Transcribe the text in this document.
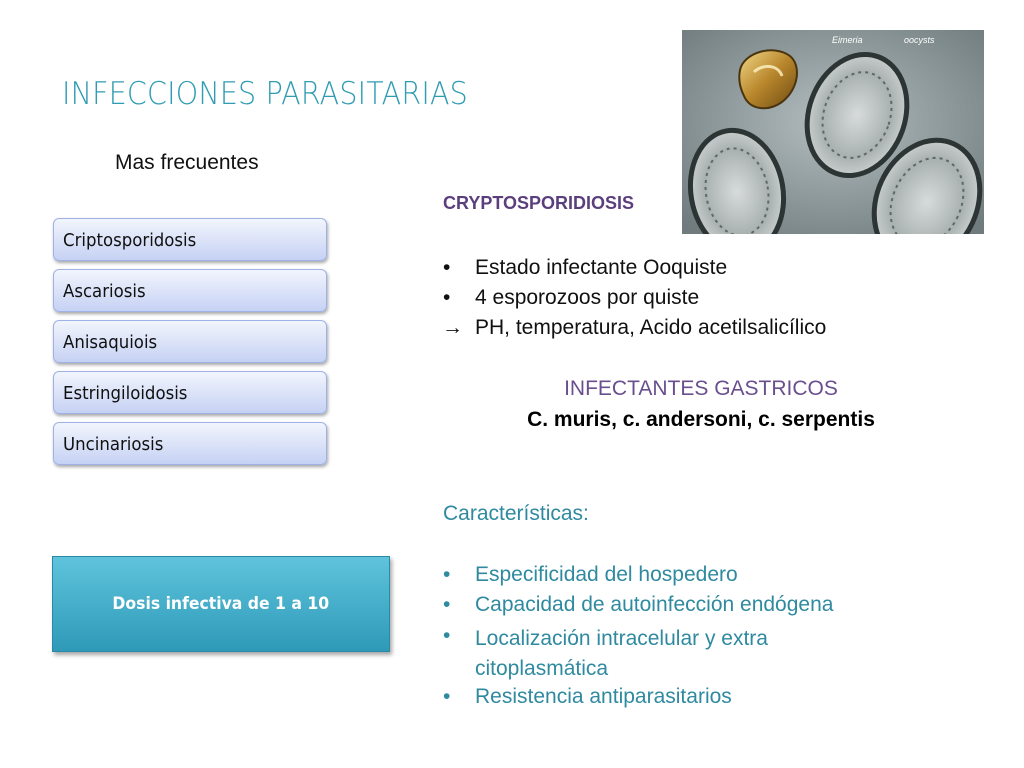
INFECCIONES PARASITARIAS
Mas frecuentes
Criptosporidosis
Ascariosis
Anisaquiois
Estringiloidosis
Uncinariosis
Dosis infectiva de 1 a 10
CRYPTOSPORIDIOSIS
• Estado infectante Ooquiste
• 4 esporozoos por quiste
→ PH, temperatura, Acido acetilsalicílico
INFECTANTES GASTRICOS
C. muris, c. andersoni, c. serpentis
Características:
• Especificidad del hospedero
• Capacidad de autoinfección endógena
• Localización intracelular y extra citoplasmática
• Resistencia antiparasitarios
Eimeria	oocysts
